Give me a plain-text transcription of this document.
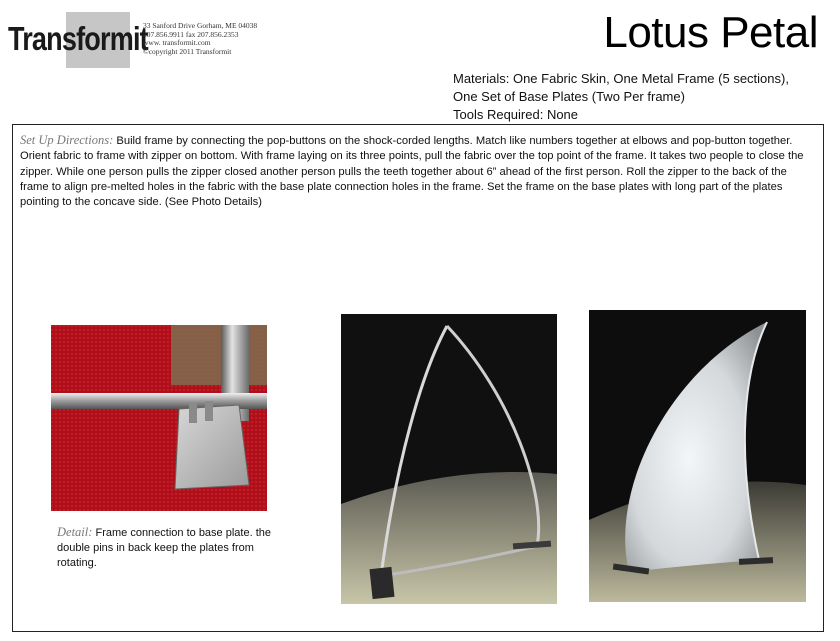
Transformit
33 Sanford Drive Gorham, ME 04038
207.856.9911 fax 207.856.2353
www. transformit.com
©copyright 2011 Transformit	Lotus Petal
Materials: One Fabric Skin, One Metal Frame (5 sections),
One Set of Base Plates (Two Per frame)
Tools Required: None
Set Up Directions: Build frame by connecting the pop-buttons on the shock-corded lengths. Match like numbers together at elbows and pop-button together. Orient fabric to frame with zipper on bottom. With frame laying on its three points, pull the fabric over the top point of the frame. It takes two people to close the zipper. While one person pulls the zipper closed another person pulls the teeth together about 6” ahead of the first person. Roll the zipper to the back of the frame to align pre-melted holes in the fabric with the base plate connection holes in the frame. Set the frame on the base plates with long part of the plates pointing to the concave side. (See Photo Details)
Detail: Frame connection to base plate. the double pins in back keep the plates from rotating.
